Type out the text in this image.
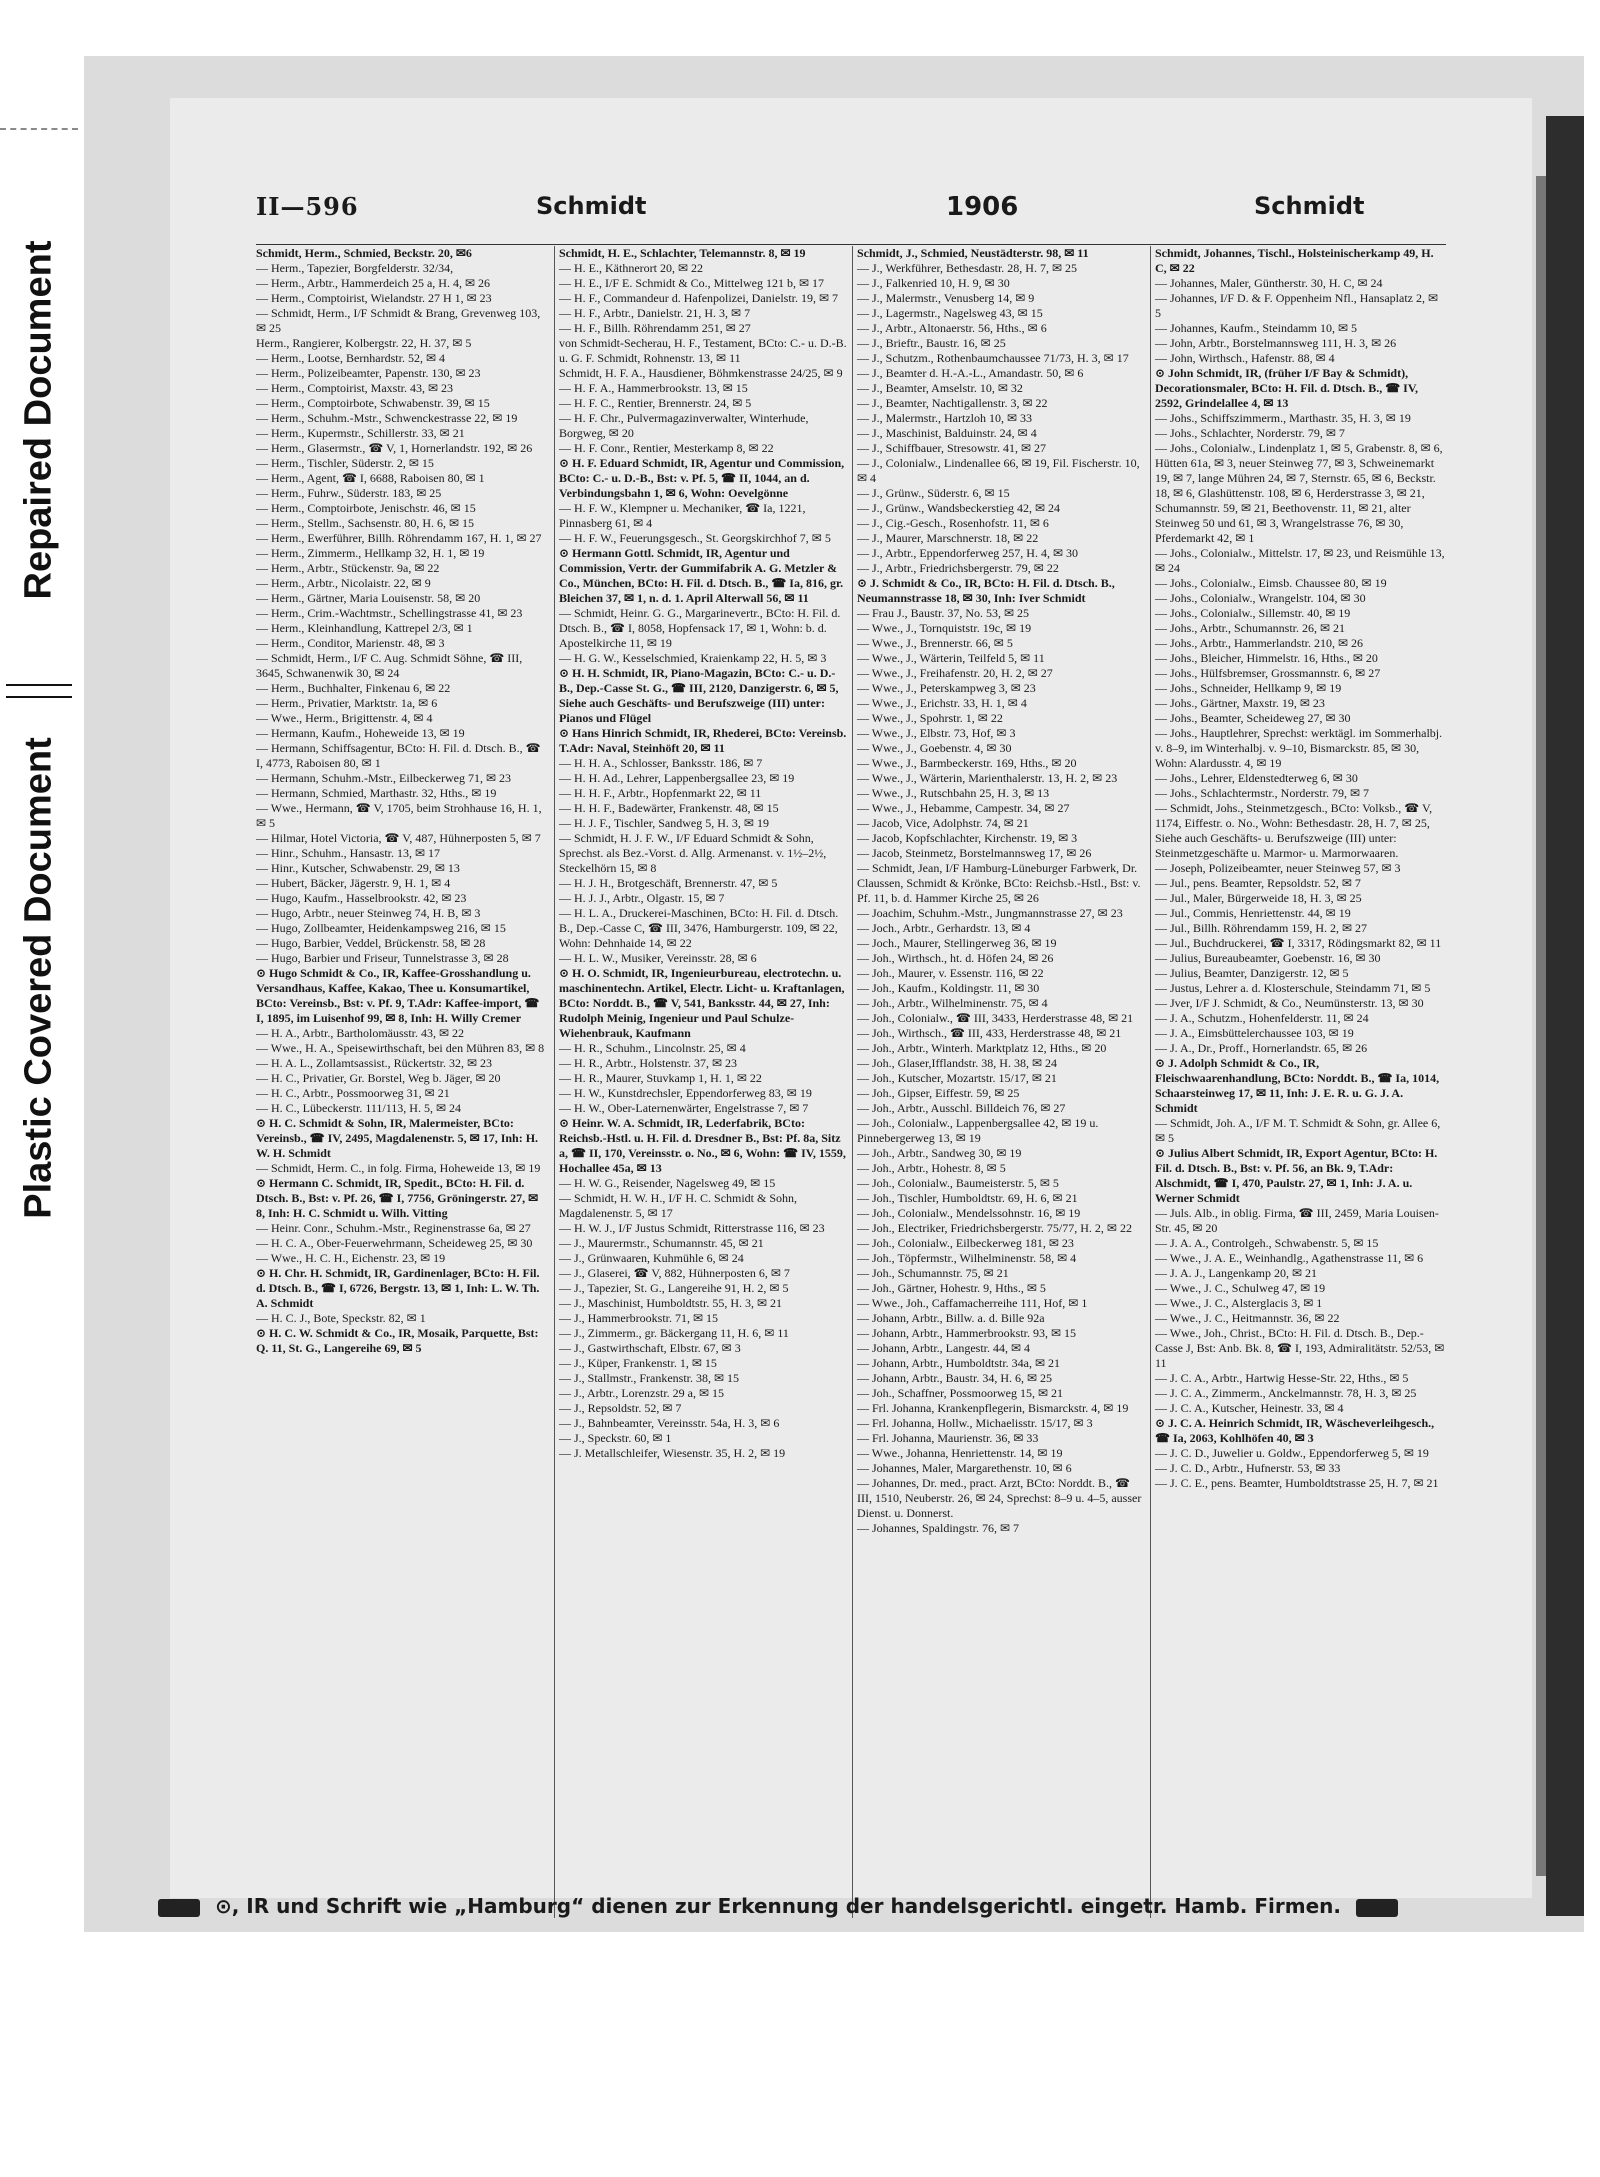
Repaired Document
Plastic Covered Document
II—596	Schmidt	1906	Schmidt

Schmidt, Herm., Schmied, Beckstr. 20, ✉6

— Herm., Tapezier, Borgfelderstr. 32/34,

— Herm., Arbtr., Hammerdeich 25 a, H. 4, ✉ 26

— Herm., Comptoirist, Wielandstr. 27 H 1, ✉ 23

— Schmidt, Herm., I/F Schmidt & Brang, Grevenweg 103, ✉ 25

Herm., Rangierer, Kolbergstr. 22, H. 37, ✉ 5

— Herm., Lootse, Bernhardstr. 52, ✉ 4

— Herm., Polizeibeamter, Papenstr. 130, ✉ 23

— Herm., Comptoirist, Maxstr. 43, ✉ 23

— Herm., Comptoirbote, Schwabenstr. 39, ✉ 15

— Herm., Schuhm.-Mstr., Schwenckestrasse 22, ✉ 19

— Herm., Kupermstr., Schillerstr. 33, ✉ 21

— Herm., Glasermstr., ☎ V, 1, Hornerlandstr. 192, ✉ 26

— Herm., Tischler, Süderstr. 2, ✉ 15

— Herm., Agent, ☎ I, 6688, Raboisen 80, ✉ 1

— Herm., Fuhrw., Süderstr. 183, ✉ 25

— Herm., Comptoirbote, Jenischstr. 46, ✉ 15

— Herm., Stellm., Sachsenstr. 80, H. 6, ✉ 15

— Herm., Ewerführer, Billh. Röhrendamm 167, H. 1, ✉ 27

— Herm., Zimmerm., Hellkamp 32, H. 1, ✉ 19

— Herm., Arbtr., Stückenstr. 9a, ✉ 22

— Herm., Arbtr., Nicolaistr. 22, ✉ 9

— Herm., Gärtner, Maria Louisenstr. 58, ✉ 20

— Herm., Crim.-Wachtmstr., Schellingstrasse 41, ✉ 23

— Herm., Kleinhandlung, Kattrepel 2/3, ✉ 1

— Herm., Conditor, Marienstr. 48, ✉ 3

— Schmidt, Herm., I/F C. Aug. Schmidt Söhne, ☎ III, 3645, Schwanenwik 30, ✉ 24

— Herm., Buchhalter, Finkenau 6, ✉ 22

— Herm., Privatier, Marktstr. 1a, ✉ 6

— Wwe., Herm., Brigittenstr. 4, ✉ 4

— Hermann, Kaufm., Hoheweide 13, ✉ 19

— Hermann, Schiffsagentur, BCto: H. Fil. d. Dtsch. B., ☎ I, 4773, Raboisen 80, ✉ 1

— Hermann, Schuhm.-Mstr., Eilbeckerweg 71, ✉ 23

— Hermann, Schmied, Marthastr. 32, Hths., ✉ 19

— Wwe., Hermann, ☎ V, 1705, beim Strohhause 16, H. 1, ✉ 5

— Hilmar, Hotel Victoria, ☎ V, 487, Hühnerposten 5, ✉ 7

— Hinr., Schuhm., Hansastr. 13, ✉ 17

— Hinr., Kutscher, Schwabenstr. 29, ✉ 13

— Hubert, Bäcker, Jägerstr. 9, H. 1, ✉ 4

— Hugo, Kaufm., Hasselbrookstr. 42, ✉ 23

— Hugo, Arbtr., neuer Steinweg 74, H. B, ✉ 3

— Hugo, Zollbeamter, Heidenkampsweg 216, ✉ 15

— Hugo, Barbier, Veddel, Brückenstr. 58, ✉ 28

— Hugo, Barbier und Friseur, Tunnelstrasse 3, ✉ 28

⊙ Hugo Schmidt & Co., IR, Kaffee-Grosshandlung u. Versandhaus, Kaffee, Kakao, Thee u. Konsumartikel, BCto: Vereinsb., Bst: v. Pf. 9, T.Adr: Kaffee-import, ☎ I, 1895, im Luisenhof 99, ✉ 8, Inh: H. Willy Cremer

— H. A., Arbtr., Bartholomäusstr. 43, ✉ 22

— Wwe., H. A., Speisewirthschaft, bei den Mühren 83, ✉ 8

— H. A. L., Zollamtsassist., Rückertstr. 32, ✉ 23

— H. C., Privatier, Gr. Borstel, Weg b. Jäger, ✉ 20

— H. C., Arbtr., Possmoorweg 31, ✉ 21

— H. C., Lübeckerstr. 111/113, H. 5, ✉ 24

⊙ H. C. Schmidt & Sohn, IR, Malermeister, BCto: Vereinsb., ☎ IV, 2495, Magdalenenstr. 5, ✉ 17, Inh: H. W. H. Schmidt

— Schmidt, Herm. C., in folg. Firma, Hoheweide 13, ✉ 19

⊙ Hermann C. Schmidt, IR, Spedit., BCto: H. Fil. d. Dtsch. B., Bst: v. Pf. 26, ☎ I, 7756, Gröningerstr. 27, ✉ 8, Inh: H. C. Schmidt u. Wilh. Vitting

— Heinr. Conr., Schuhm.-Mstr., Reginenstrasse 6a, ✉ 27

— H. C. A., Ober-Feuerwehrmann, Scheideweg 25, ✉ 30

— Wwe., H. C. H., Eichenstr. 23, ✉ 19

⊙ H. Chr. H. Schmidt, IR, Gardinenlager, BCto: H. Fil. d. Dtsch. B., ☎ I, 6726, Bergstr. 13, ✉ 1, Inh: L. W. Th. A. Schmidt

— H. C. J., Bote, Speckstr. 82, ✉ 1

⊙ H. C. W. Schmidt & Co., IR, Mosaik, Parquette, Bst: Q. 11, St. G., Langereihe 69, ✉ 5

Schmidt, H. E., Schlachter, Telemannstr. 8, ✉ 19

— H. E., Käthnerort 20, ✉ 22

— H. E., I/F E. Schmidt & Co., Mittelweg 121 b, ✉ 17

— H. F., Commandeur d. Hafenpolizei, Danielstr. 19, ✉ 7

— H. F., Arbtr., Danielstr. 21, H. 3, ✉ 7

— H. F., Billh. Röhrendamm 251, ✉ 27

von Schmidt-Secherau, H. F., Testament, BCto: C.- u. D.-B. u. G. F. Schmidt, Rohnenstr. 13, ✉ 11

Schmidt, H. F. A., Hausdiener, Böhmkenstrasse 24/25, ✉ 9

— H. F. A., Hammerbrookstr. 13, ✉ 15

— H. F. C., Rentier, Brennerstr. 24, ✉ 5

— H. F. Chr., Pulvermagazinverwalter, Winterhude, Borgweg, ✉ 20

— H. F. Conr., Rentier, Mesterkamp 8, ✉ 22

⊙ H. F. Eduard Schmidt, IR, Agentur und Commission, BCto: C.- u. D.-B., Bst: v. Pf. 5, ☎ II, 1044, an d. Verbindungsbahn 1, ✉ 6, Wohn: Oevelgönne

— H. F. W., Klempner u. Mechaniker, ☎ Ia, 1221, Pinnasberg 61, ✉ 4

— H. F. W., Feuerungsgesch., St. Georgskirchhof 7, ✉ 5

⊙ Hermann Gottl. Schmidt, IR, Agentur und Commission, Vertr. der Gummifabrik A. G. Metzler & Co., München, BCto: H. Fil. d. Dtsch. B., ☎ Ia, 816, gr. Bleichen 37, ✉ 1, n. d. 1. April Alterwall 56, ✉ 11

— Schmidt, Heinr. G. G., Margarinevertr., BCto: H. Fil. d. Dtsch. B., ☎ I, 8058, Hopfensack 17, ✉ 1, Wohn: b. d. Apostelkirche 11, ✉ 19

— H. G. W., Kesselschmied, Kraienkamp 22, H. 5, ✉ 3

⊙ H. H. Schmidt, IR, Piano-Magazin, BCto: C.- u. D.-B., Dep.-Casse St. G., ☎ III, 2120, Danzigerstr. 6, ✉ 5, Siehe auch Geschäfts- und Berufszweige (III) unter: Pianos und Flügel

⊙ Hans Hinrich Schmidt, IR, Rhederei, BCto: Vereinsb. T.Adr: Naval, Steinhöft 20, ✉ 11

— H. H. A., Schlosser, Banksstr. 186, ✉ 7

— H. H. Ad., Lehrer, Lappenbergsallee 23, ✉ 19

— H. H. F., Arbtr., Hopfenmarkt 22, ✉ 11

— H. H. F., Badewärter, Frankenstr. 48, ✉ 15

— H. J. F., Tischler, Sandweg 5, H. 3, ✉ 19

— Schmidt, H. J. F. W., I/F Eduard Schmidt & Sohn, Sprechst. als Bez.-Vorst. d. Allg. Armenanst. v. 1½–2½, Steckelhörn 15, ✉ 8

— H. J. H., Brotgeschäft, Brennerstr. 47, ✉ 5

— H. J. J., Arbtr., Olgastr. 15, ✉ 7

— H. L. A., Druckerei-Maschinen, BCto: H. Fil. d. Dtsch. B., Dep.-Casse C, ☎ III, 3476, Hamburgerstr. 109, ✉ 22, Wohn: Dehnhaide 14, ✉ 22

— H. L. W., Musiker, Vereinsstr. 28, ✉ 6

⊙ H. O. Schmidt, IR, Ingenieurbureau, electrotechn. u. maschinentechn. Artikel, Electr. Licht- u. Kraftanlagen, BCto: Norddt. B., ☎ V, 541, Banksstr. 44, ✉ 27, Inh: Rudolph Meinig, Ingenieur und Paul Schulze-Wiehenbrauk, Kaufmann

— H. R., Schuhm., Lincolnstr. 25, ✉ 4

— H. R., Arbtr., Holstenstr. 37, ✉ 23

— H. R., Maurer, Stuvkamp 1, H. 1, ✉ 22

— H. W., Kunstdrechsler, Eppendorferweg 83, ✉ 19

— H. W., Ober-Laternenwärter, Engelstrasse 7, ✉ 7

⊙ Heinr. W. A. Schmidt, IR, Lederfabrik, BCto: Reichsb.-Hstl. u. H. Fil. d. Dresdner B., Bst: Pf. 8a, Sitz a, ☎ II, 170, Vereinsstr. o. No., ✉ 6, Wohn: ☎ IV, 1559, Hochallee 45a, ✉ 13

— H. W. G., Reisender, Nagelsweg 49, ✉ 15

— Schmidt, H. W. H., I/F H. C. Schmidt & Sohn, Magdalenenstr. 5, ✉ 17

— H. W. J., I/F Justus Schmidt, Ritterstrasse 116, ✉ 23

— J., Maurermstr., Schumannstr. 45, ✉ 21

— J., Grünwaaren, Kuhmühle 6, ✉ 24

— J., Glaserei, ☎ V, 882, Hühnerposten 6, ✉ 7

— J., Tapezier, St. G., Langereihe 91, H. 2, ✉ 5

— J., Maschinist, Humboldtstr. 55, H. 3, ✉ 21

— J., Hammerbrookstr. 71, ✉ 15

— J., Zimmerm., gr. Bäckergang 11, H. 6, ✉ 11

— J., Gastwirthschaft, Elbstr. 67, ✉ 3

— J., Küper, Frankenstr. 1, ✉ 15

— J., Stallmstr., Frankenstr. 38, ✉ 15

— J., Arbtr., Lorenzstr. 29 a, ✉ 15

— J., Repsoldstr. 52, ✉ 7

— J., Bahnbeamter, Vereinsstr. 54a, H. 3, ✉ 6

— J., Speckstr. 60, ✉ 1

— J. Metallschleifer, Wiesenstr. 35, H. 2, ✉ 19

Schmidt, J., Schmied, Neustädterstr. 98, ✉ 11

— J., Werkführer, Bethesdastr. 28, H. 7, ✉ 25

— J., Falkenried 10, H. 9, ✉ 30

— J., Malermstr., Venusberg 14, ✉ 9

— J., Lagermstr., Nagelsweg 43, ✉ 15

— J., Arbtr., Altonaerstr. 56, Hths., ✉ 6

— J., Brieftr., Baustr. 16, ✉ 25

— J., Schutzm., Rothenbaumchaussee 71/73, H. 3, ✉ 17

— J., Beamter d. H.-A.-L., Amandastr. 50, ✉ 6

— J., Beamter, Amselstr. 10, ✉ 32

— J., Beamter, Nachtigallenstr. 3, ✉ 22

— J., Malermstr., Hartzloh 10, ✉ 33

— J., Maschinist, Balduinstr. 24, ✉ 4

— J., Schiffbauer, Stresowstr. 41, ✉ 27

— J., Colonialw., Lindenallee 66, ✉ 19, Fil. Fischerstr. 10, ✉ 4

— J., Grünw., Süderstr. 6, ✉ 15

— J., Grünw., Wandsbeckerstieg 42, ✉ 24

— J., Cig.-Gesch., Rosenhofstr. 11, ✉ 6

— J., Maurer, Marschnerstr. 18, ✉ 22

— J., Arbtr., Eppendorferweg 257, H. 4, ✉ 30

— J., Arbtr., Friedrichsbergerstr. 79, ✉ 22

⊙ J. Schmidt & Co., IR, BCto: H. Fil. d. Dtsch. B., Neumannstrasse 18, ✉ 30, Inh: Iver Schmidt

— Frau J., Baustr. 37, No. 53, ✉ 25

— Wwe., J., Tornquiststr. 19c, ✉ 19

— Wwe., J., Brennerstr. 66, ✉ 5

— Wwe., J., Wärterin, Teilfeld 5, ✉ 11

— Wwe., J., Freihafenstr. 20, H. 2, ✉ 27

— Wwe., J., Peterskampweg 3, ✉ 23

— Wwe., J., Erichstr. 33, H. 1, ✉ 4

— Wwe., J., Spohrstr. 1, ✉ 22

— Wwe., J., Elbstr. 73, Hof, ✉ 3

— Wwe., J., Goebenstr. 4, ✉ 30

— Wwe., J., Barmbeckerstr. 169, Hths., ✉ 20

— Wwe., J., Wärterin, Marienthalerstr. 13, H. 2, ✉ 23

— Wwe., J., Rutschbahn 25, H. 3, ✉ 13

— Wwe., J., Hebamme, Campestr. 34, ✉ 27

— Jacob, Vice, Adolphstr. 74, ✉ 21

— Jacob, Kopfschlachter, Kirchenstr. 19, ✉ 3

— Jacob, Steinmetz, Borstelmannsweg 17, ✉ 26

— Schmidt, Jean, I/F Hamburg-Lüneburger Farbwerk, Dr. Claussen, Schmidt & Krönke, BCto: Reichsb.-Hstl., Bst: v. Pf. 11, b. d. Hammer Kirche 25, ✉ 26

— Joachim, Schuhm.-Mstr., Jungmannstrasse 27, ✉ 23

— Joch., Arbtr., Gerhardstr. 13, ✉ 4

— Joch., Maurer, Stellingerweg 36, ✉ 19

— Joh., Wirthsch., ht. d. Höfen 24, ✉ 26

— Joh., Maurer, v. Essenstr. 116, ✉ 22

— Joh., Kaufm., Koldingstr. 11, ✉ 30

— Joh., Arbtr., Wilhelminenstr. 75, ✉ 4

— Joh., Colonialw., ☎ III, 3433, Herderstrasse 48, ✉ 21

— Joh., Wirthsch., ☎ III, 433, Herderstrasse 48, ✉ 21

— Joh., Arbtr., Winterh. Marktplatz 12, Hths., ✉ 20

— Joh., Glaser,Ifflandstr. 38, H. 38, ✉ 24

— Joh., Kutscher, Mozartstr. 15/17, ✉ 21

— Joh., Gipser, Eiffestr. 59, ✉ 25

— Joh., Arbtr., Ausschl. Billdeich 76, ✉ 27

— Joh., Colonialw., Lappenbergsallee 42, ✉ 19 u. Pinnebergerweg 13, ✉ 19

— Joh., Arbtr., Sandweg 30, ✉ 19

— Joh., Arbtr., Hohestr. 8, ✉ 5

— Joh., Colonialw., Baumeisterstr. 5, ✉ 5

— Joh., Tischler, Humboldtstr. 69, H. 6, ✉ 21

— Joh., Colonialw., Mendelssohnstr. 16, ✉ 19

— Joh., Electriker, Friedrichsbergerstr. 75/77, H. 2, ✉ 22

— Joh., Colonialw., Eilbeckerweg 181, ✉ 23

— Joh., Töpfermstr., Wilhelminenstr. 58, ✉ 4

— Joh., Schumannstr. 75, ✉ 21

— Joh., Gärtner, Hohestr. 9, Hths., ✉ 5

— Wwe., Joh., Caffamacherreihe 111, Hof, ✉ 1

— Johann, Arbtr., Billw. a. d. Bille 92a

— Johann, Arbtr., Hammerbrookstr. 93, ✉ 15

— Johann, Arbtr., Langestr. 44, ✉ 4

— Johann, Arbtr., Humboldtstr. 34a, ✉ 21

— Johann, Arbtr., Baustr. 34, H. 6, ✉ 25

— Joh., Schaffner, Possmoorweg 15, ✉ 21

— Frl. Johanna, Krankenpflegerin, Bismarckstr. 4, ✉ 19

— Frl. Johanna, Hollw., Michaelisstr. 15/17, ✉ 3

— Frl. Johanna, Maurienstr. 36, ✉ 33

— Wwe., Johanna, Henriettenstr. 14, ✉ 19

— Johannes, Maler, Margarethenstr. 10, ✉ 6

— Johannes, Dr. med., pract. Arzt, BCto: Norddt. B., ☎ III, 1510, Neuberstr. 26, ✉ 24, Sprechst: 8–9 u. 4–5, ausser Dienst. u. Donnerst.

— Johannes, Spaldingstr. 76, ✉ 7

Schmidt, Johannes, Tischl., Holsteinischerkamp 49, H. C, ✉ 22

— Johannes, Maler, Güntherstr. 30, H. C, ✉ 24

— Johannes, I/F D. & F. Oppenheim Nfl., Hansaplatz 2, ✉ 5

— Johannes, Kaufm., Steindamm 10, ✉ 5

— John, Arbtr., Borstelmannsweg 111, H. 3, ✉ 26

— John, Wirthsch., Hafenstr. 88, ✉ 4

⊙ John Schmidt, IR, (früher I/F Bay & Schmidt), Decorationsmaler, BCto: H. Fil. d. Dtsch. B., ☎ IV, 2592, Grindelallee 4, ✉ 13

— Johs., Schiffszimmerm., Marthastr. 35, H. 3, ✉ 19

— Johs., Schlachter, Norderstr. 79, ✉ 7

— Johs., Colonialw., Lindenplatz 1, ✉ 5, Grabenstr. 8, ✉ 6, Hütten 61a, ✉ 3, neuer Steinweg 77, ✉ 3, Schweinemarkt 19, ✉ 7, lange Mühren 24, ✉ 7, Sternstr. 65, ✉ 6, Beckstr. 18, ✉ 6, Glashüttenstr. 108, ✉ 6, Herderstrasse 3, ✉ 21, Schumannstr. 59, ✉ 21, Beethovenstr. 11, ✉ 21, alter Steinweg 50 und 61, ✉ 3, Wrangelstrasse 76, ✉ 30, Pferdemarkt 42, ✉ 1

— Johs., Colonialw., Mittelstr. 17, ✉ 23, und Reismühle 13, ✉ 24

— Johs., Colonialw., Eimsb. Chaussee 80, ✉ 19

— Johs., Colonialw., Wrangelstr. 104, ✉ 30

— Johs., Colonialw., Sillemstr. 40, ✉ 19

— Johs., Arbtr., Schumannstr. 26, ✉ 21

— Johs., Arbtr., Hammerlandstr. 210, ✉ 26

— Johs., Bleicher, Himmelstr. 16, Hths., ✉ 20

— Johs., Hülfsbremser, Grossmannstr. 6, ✉ 27

— Johs., Schneider, Hellkamp 9, ✉ 19

— Johs., Gärtner, Maxstr. 19, ✉ 23

— Johs., Beamter, Scheideweg 27, ✉ 30

— Johs., Hauptlehrer, Sprechst: werktägl. im Sommerhalbj. v. 8–9, im Winterhalbj. v. 9–10, Bismarckstr. 85, ✉ 30, Wohn: Alardusstr. 4, ✉ 19

— Johs., Lehrer, Eldenstedterweg 6, ✉ 30

— Johs., Schlachtermstr., Norderstr. 79, ✉ 7

— Schmidt, Johs., Steinmetzgesch., BCto: Volksb., ☎ V, 1174, Eiffestr. o. No., Wohn: Bethesdastr. 28, H. 7, ✉ 25, Siehe auch Geschäfts- u. Berufszweige (III) unter: Steinmetzgeschäfte u. Marmor- u. Marmorwaaren.

— Joseph, Polizeibeamter, neuer Steinweg 57, ✉ 3

— Jul., pens. Beamter, Repsoldstr. 52, ✉ 7

— Jul., Maler, Bürgerweide 18, H. 3, ✉ 25

— Jul., Commis, Henriettenstr. 44, ✉ 19

— Jul., Billh. Röhrendamm 159, H. 2, ✉ 27

— Jul., Buchdruckerei, ☎ I, 3317, Rödingsmarkt 82, ✉ 11

— Julius, Bureaubeamter, Goebenstr. 16, ✉ 30

— Julius, Beamter, Danzigerstr. 12, ✉ 5

— Justus, Lehrer a. d. Klosterschule, Steindamm 71, ✉ 5

— Jver, I/F J. Schmidt, & Co., Neumünsterstr. 13, ✉ 30

— J. A., Schutzm., Hohenfelderstr. 11, ✉ 24

— J. A., Eimsbüttelerchaussee 103, ✉ 19

— J. A., Dr., Proff., Hornerlandstr. 65, ✉ 26

⊙ J. Adolph Schmidt & Co., IR, Fleischwaarenhandlung, BCto: Norddt. B., ☎ Ia, 1014, Schaarsteinweg 17, ✉ 11, Inh: J. E. R. u. G. J. A. Schmidt

— Schmidt, Joh. A., I/F M. T. Schmidt & Sohn, gr. Allee 6, ✉ 5

⊙ Julius Albert Schmidt, IR, Export Agentur, BCto: H. Fil. d. Dtsch. B., Bst: v. Pf. 56, an Bk. 9, T.Adr: Alschmidt, ☎ I, 470, Paulstr. 27, ✉ 1, Inh: J. A. u. Werner Schmidt

— Juls. Alb., in oblig. Firma, ☎ III, 2459, Maria Louisen-Str. 45, ✉ 20

— J. A. A., Controlgeh., Schwabenstr. 5, ✉ 15

— Wwe., J. A. E., Weinhandlg., Agathenstrasse 11, ✉ 6

— J. A. J., Langenkamp 20, ✉ 21

— Wwe., J. C., Schulweg 47, ✉ 19

— Wwe., J. C., Alsterglacis 3, ✉ 1

— Wwe., J. C., Heitmannstr. 36, ✉ 22

— Wwe., Joh., Christ., BCto: H. Fil. d. Dtsch. B., Dep.-Casse J, Bst: Anb. Bk. 8, ☎ I, 193, Admiralitätstr. 52/53, ✉ 11

— J. C. A., Arbtr., Hartwig Hesse-Str. 22, Hths., ✉ 5

— J. C. A., Zimmerm., Anckelmannstr. 78, H. 3, ✉ 25

— J. C. A., Kutscher, Heinestr. 33, ✉ 4

⊙ J. C. A. Heinrich Schmidt, IR, Wäscheverleihgesch., ☎ Ia, 2063, Kohlhöfen 40, ✉ 3

— J. C. D., Juwelier u. Goldw., Eppendorferweg 5, ✉ 19

— J. C. D., Arbtr., Hufnerstr. 53, ✉ 33

— J. C. E., pens. Beamter, Humboldtstrasse 25, H. 7, ✉ 21

⊙, IR und Schrift wie „Hamburg“ dienen zur Erkennung der handelsgerichtl. eingetr. Hamb. Firmen.
